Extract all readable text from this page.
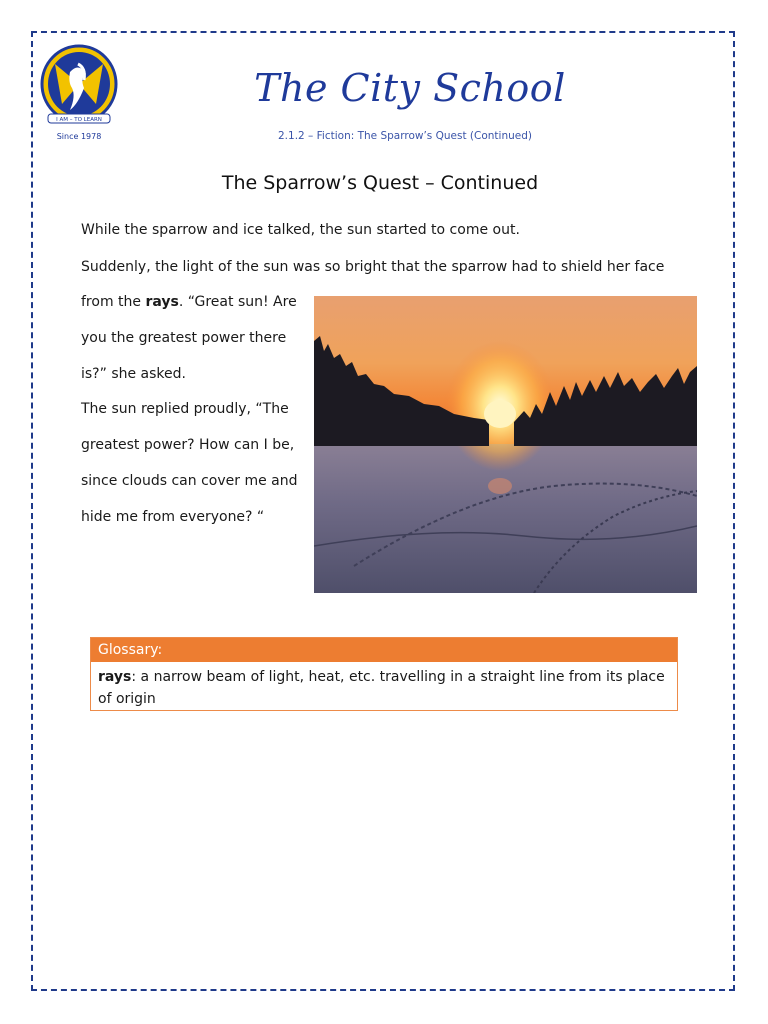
I AM – TO LEARN
Since 1978
The City School
2.1.2 – Fiction: The Sparrow’s Quest (Continued)
The Sparrow’s Quest – Continued
While the sparrow and ice talked, the sun started to come out.
Suddenly, the light of the sun was so bright that the sparrow had to shield her face
from the rays. “Great sun! Are
you the greatest power there
is?” she asked.
The sun replied proudly, “The
greatest power? How can I be,
since clouds can cover me and
hide me from everyone? “
Glossary:
rays: a narrow beam of light, heat, etc. travelling in a straight line from its place
of origin
